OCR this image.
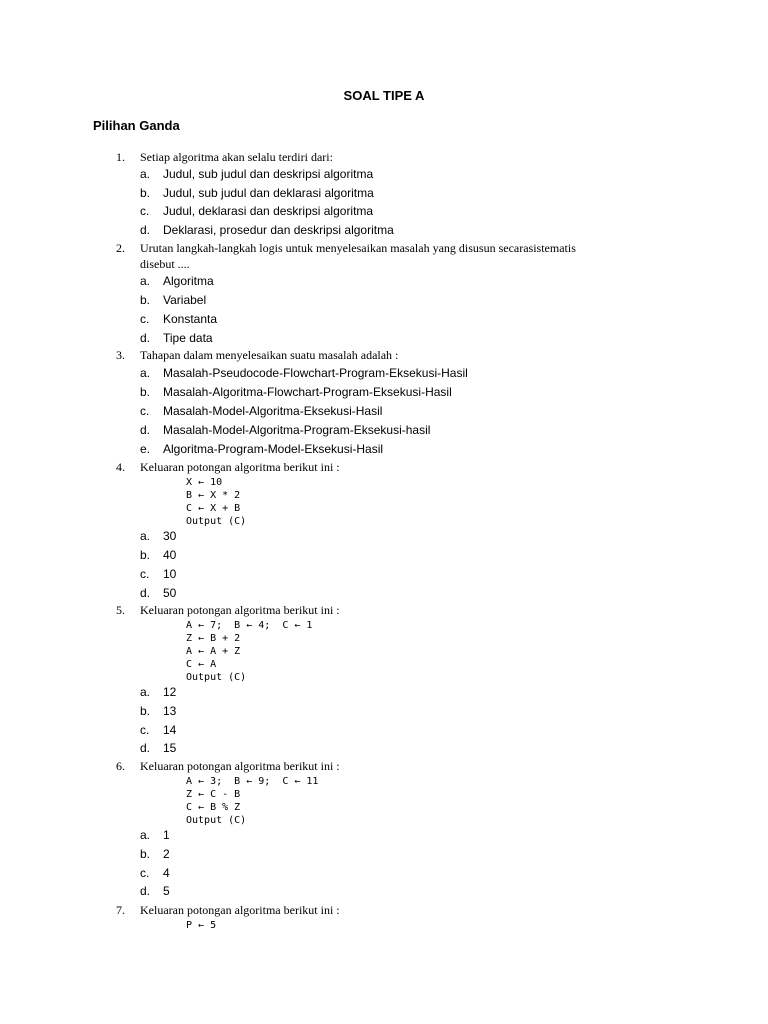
SOAL TIPE A
Pilihan Ganda
1.	Setiap algoritma akan selalu terdiri dari:
a.	Judul, sub judul dan deskripsi algoritma
b.	Judul, sub judul dan deklarasi algoritma
c.	Judul, deklarasi dan deskripsi algoritma
d.	Deklarasi, prosedur dan deskripsi algoritma
2.	Urutan langkah-langkah logis untuk menyelesaikan masalah yang disusun secarasistematis
disebut ....
a.	Algoritma
b.	Variabel
c.	Konstanta
d.	Tipe data
3.	Tahapan dalam menyelesaikan suatu masalah adalah :
a.	Masalah-Pseudocode-Flowchart-Program-Eksekusi-Hasil
b.	Masalah-Algoritma-Flowchart-Program-Eksekusi-Hasil
c.	Masalah-Model-Algoritma-Eksekusi-Hasil
d.	Masalah-Model-Algoritma-Program-Eksekusi-hasil
e.	Algoritma-Program-Model-Eksekusi-Hasil
4.	Keluaran potongan algoritma berikut ini :
X ← 10
B ← X * 2
C ← X + B
Output (C)
a.	30
b.	40
c.	10
d.	50
5.	Keluaran potongan algoritma berikut ini :
A ← 7;  B ← 4;  C ← 1
Z ← B + 2
A ← A + Z
C ← A
Output (C)
a.	12
b.	13
c.	14
d.	15
6.	Keluaran potongan algoritma berikut ini :
A ← 3;  B ← 9;  C ← 11
Z ← C - B
C ← B % Z
Output (C)
a.	1
b.	2
c.	4
d.	5
7.	Keluaran potongan algoritma berikut ini :
P ← 5
